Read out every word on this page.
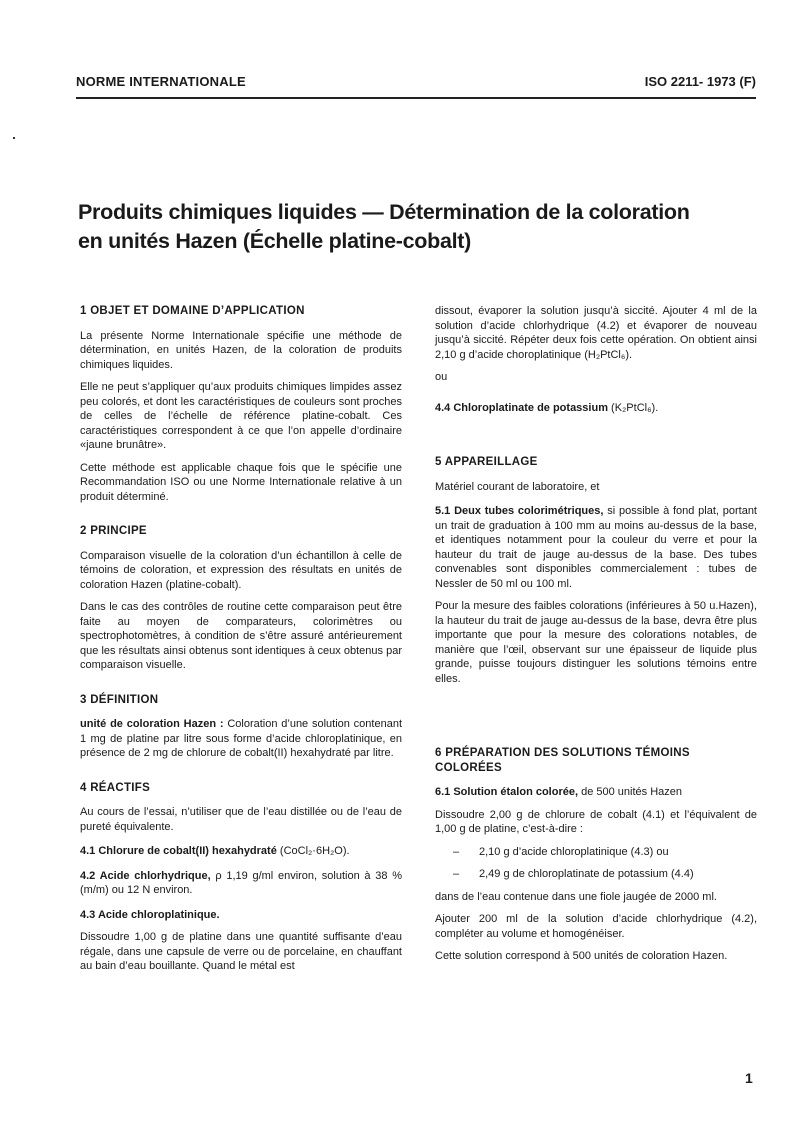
NORME INTERNATIONALE	ISO 2211- 1973 (F)
Produits chimiques liquides — Détermination de la coloration
en unités Hazen (Échelle platine-cobalt)
1 OBJET ET DOMAINE D’APPLICATION

La présente Norme Internationale spécifie une méthode de détermination, en unités Hazen, de la coloration de produits chimiques liquides.

Elle ne peut s’appliquer qu’aux produits chimiques limpides assez peu colorés, et dont les caractéristiques de couleurs sont proches de celles de l’échelle de référence platine-cobalt. Ces caractéristiques correspondent à ce que l’on appelle d’ordinaire «jaune brunâtre».

Cette méthode est applicable chaque fois que le spécifie une Recommandation ISO ou une Norme Internationale relative à un produit déterminé.

2 PRINCIPE

Comparaison visuelle de la coloration d’un échantillon à celle de témoins de coloration, et expression des résultats en unités de coloration Hazen (platine-cobalt).

Dans le cas des contrôles de routine cette comparaison peut être faite au moyen de comparateurs, colorimètres ou spectrophotomètres, à condition de s’être assuré antérieurement que les résultats ainsi obtenus sont identiques à ceux obtenus par comparaison visuelle.

3 DÉFINITION

unité de coloration Hazen : Coloration d’une solution contenant 1 mg de platine par litre sous forme d’acide chloroplatinique, en présence de 2 mg de chlorure de cobalt(II) hexahydraté par litre.

4 RÉACTIFS

Au cours de l’essai, n’utiliser que de l’eau distillée ou de l’eau de pureté équivalente.

4.1 Chlorure de cobalt(II) hexahydraté (CoCl₂·6H₂O).

4.2 Acide chlorhydrique, ρ 1,19 g/ml environ, solution à 38 % (m/m) ou 12 N environ.

4.3 Acide chloroplatinique.

Dissoudre 1,00 g de platine dans une quantité suffisante d’eau régale, dans une capsule de verre ou de porcelaine, en chauffant au bain d’eau bouillante. Quand le métal est

dissout, évaporer la solution jusqu’à siccité. Ajouter 4 ml de la solution d’acide chlorhydrique (4.2) et évaporer de nouveau jusqu’à siccité. Répéter deux fois cette opération. On obtient ainsi 2,10 g d’acide choroplatinique (H₂PtCl₆).

ou

4.4 Chloroplatinate de potassium (K₂PtCl₆).

5 APPAREILLAGE

Matériel courant de laboratoire, et

5.1 Deux tubes colorimétriques, si possible à fond plat, portant un trait de graduation à 100 mm au moins au-dessus de la base, et identiques notamment pour la couleur du verre et pour la hauteur du trait de jauge au-dessus de la base. Des tubes convenables sont disponibles commercialement : tubes de Nessler de 50 ml ou 100 ml.

Pour la mesure des faibles colorations (inférieures à 50 u.Hazen), la hauteur du trait de jauge au-dessus de la base, devra être plus importante que pour la mesure des colorations notables, de manière que l’œil, observant sur une épaisseur de liquide plus grande, puisse toujours distinguer les solutions témoins entre elles.

6 PRÉPARATION DES SOLUTIONS TÉMOINS COLORÉES

6.1 Solution étalon colorée, de 500 unités Hazen

Dissoudre 2,00 g de chlorure de cobalt (4.1) et l’équivalent de 1,00 g de platine, c’est-à-dire :

–	2,10 g d’acide chloroplatinique (4.3) ou
–	2,49 g de chloroplatinate de potassium (4.4)

dans de l’eau contenue dans une fiole jaugée de 2000 ml.

Ajouter 200 ml de la solution d’acide chlorhydrique (4.2), compléter au volume et homogénéiser.

Cette solution correspond à 500 unités de coloration Hazen.

1
